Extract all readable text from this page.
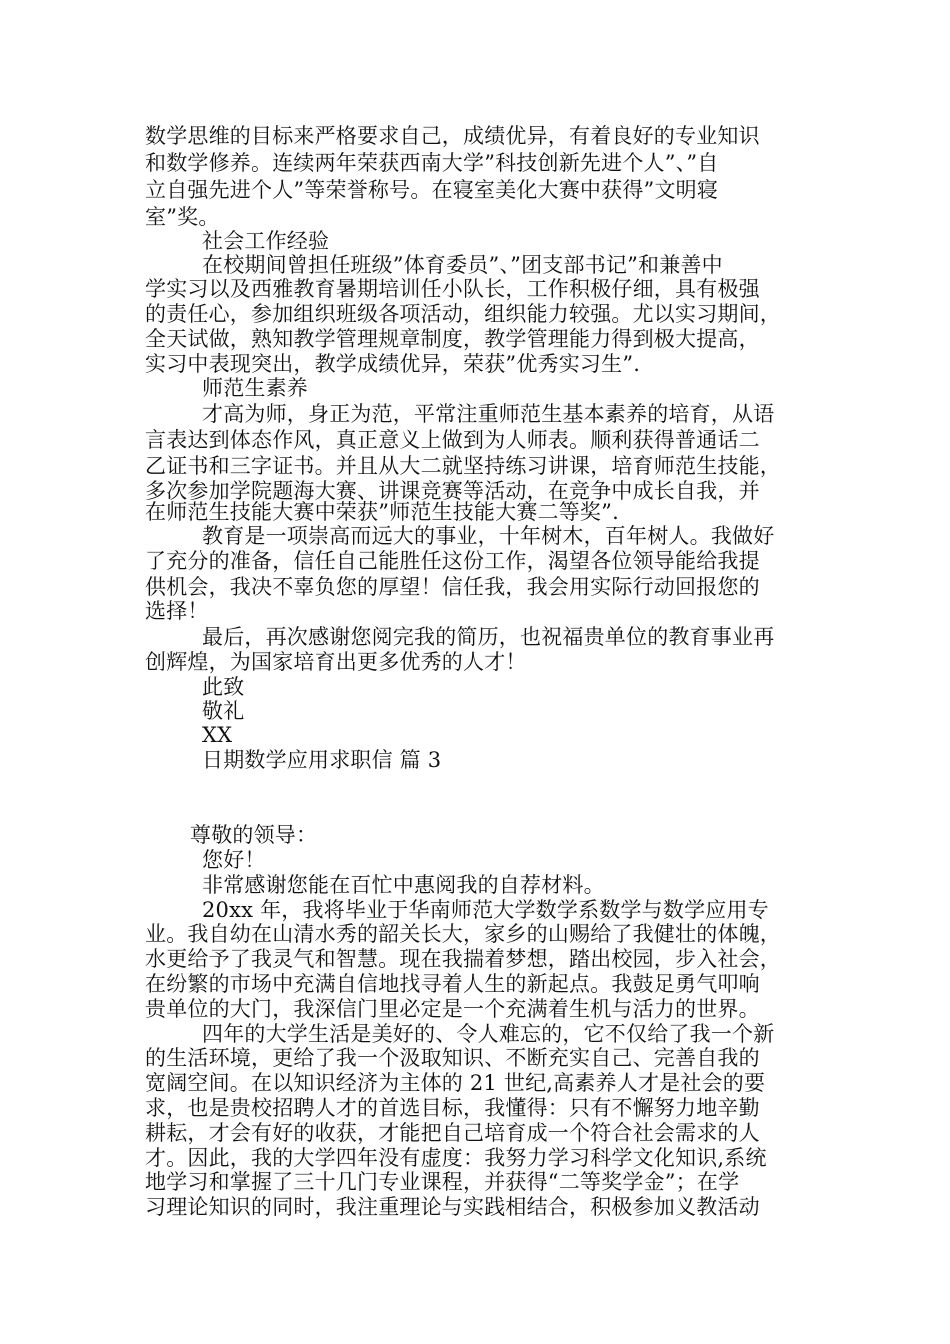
数学思维的目标来严格要求自己，成绩优异，有着良好的专业知识
和数学修养。连续两年荣获西南大学”科技创新先进个人”、”自
立自强先进个人”等荣誉称号。在寝室美化大赛中获得”文明寝
室”奖。
社会工作经验
在校期间曾担任班级”体育委员”、”团支部书记”和兼善中
学实习以及西雅教育暑期培训任小队长，工作积极仔细，具有极强
的责任心，参加组织班级各项活动，组织能力较强。尤以实习期间，
全天试做，熟知教学管理规章制度，教学管理能力得到极大提高，
实习中表现突出，教学成绩优异，荣获”优秀实习生”.
师范生素养
才高为师，身正为范，平常注重师范生基本素养的培育，从语
言表达到体态作风，真正意义上做到为人师表。顺利获得普通话二
乙证书和三字证书。并且从大二就坚持练习讲课，培育师范生技能，
多次参加学院题海大赛、讲课竞赛等活动，在竞争中成长自我，并
在师范生技能大赛中荣获”师范生技能大赛二等奖”.
教育是一项崇高而远大的事业，十年树木，百年树人。我做好
了充分的准备，信任自己能胜任这份工作，渴望各位领导能给我提
供机会，我决不辜负您的厚望！信任我，我会用实际行动回报您的
选择！
最后，再次感谢您阅完我的简历，也祝福贵单位的教育事业再
创辉煌，为国家培育出更多优秀的人才！
此致
敬礼
XX
日期数学应用求职信 篇 3
尊敬的领导：
您好！
非常感谢您能在百忙中惠阅我的自荐材料。
20xx 年，我将毕业于华南师范大学数学系数学与数学应用专
业。我自幼在山清水秀的韶关长大，家乡的山赐给了我健壮的体魄，
水更给予了我灵气和智慧。现在我揣着梦想，踏出校园，步入社会，
在纷繁的市场中充满自信地找寻着人生的新起点。我鼓足勇气叩响
贵单位的大门，我深信门里必定是一个充满着生机与活力的世界。
四年的大学生活是美好的、令人难忘的，它不仅给了我一个新
的生活环境，更给了我一个汲取知识、不断充实自己、完善自我的
宽阔空间。在以知识经济为主体的 21 世纪,高素养人才是社会的要
求，也是贵校招聘人才的首选目标，我懂得：只有不懈努力地辛勤
耕耘，才会有好的收获，才能把自己培育成一个符合社会需求的人
才。因此，我的大学四年没有虚度：我努力学习科学文化知识,系统
地学习和掌握了三十几门专业课程，并获得“二等奖学金”；在学
习理论知识的同时，我注重理论与实践相结合，积极参加义教活动
